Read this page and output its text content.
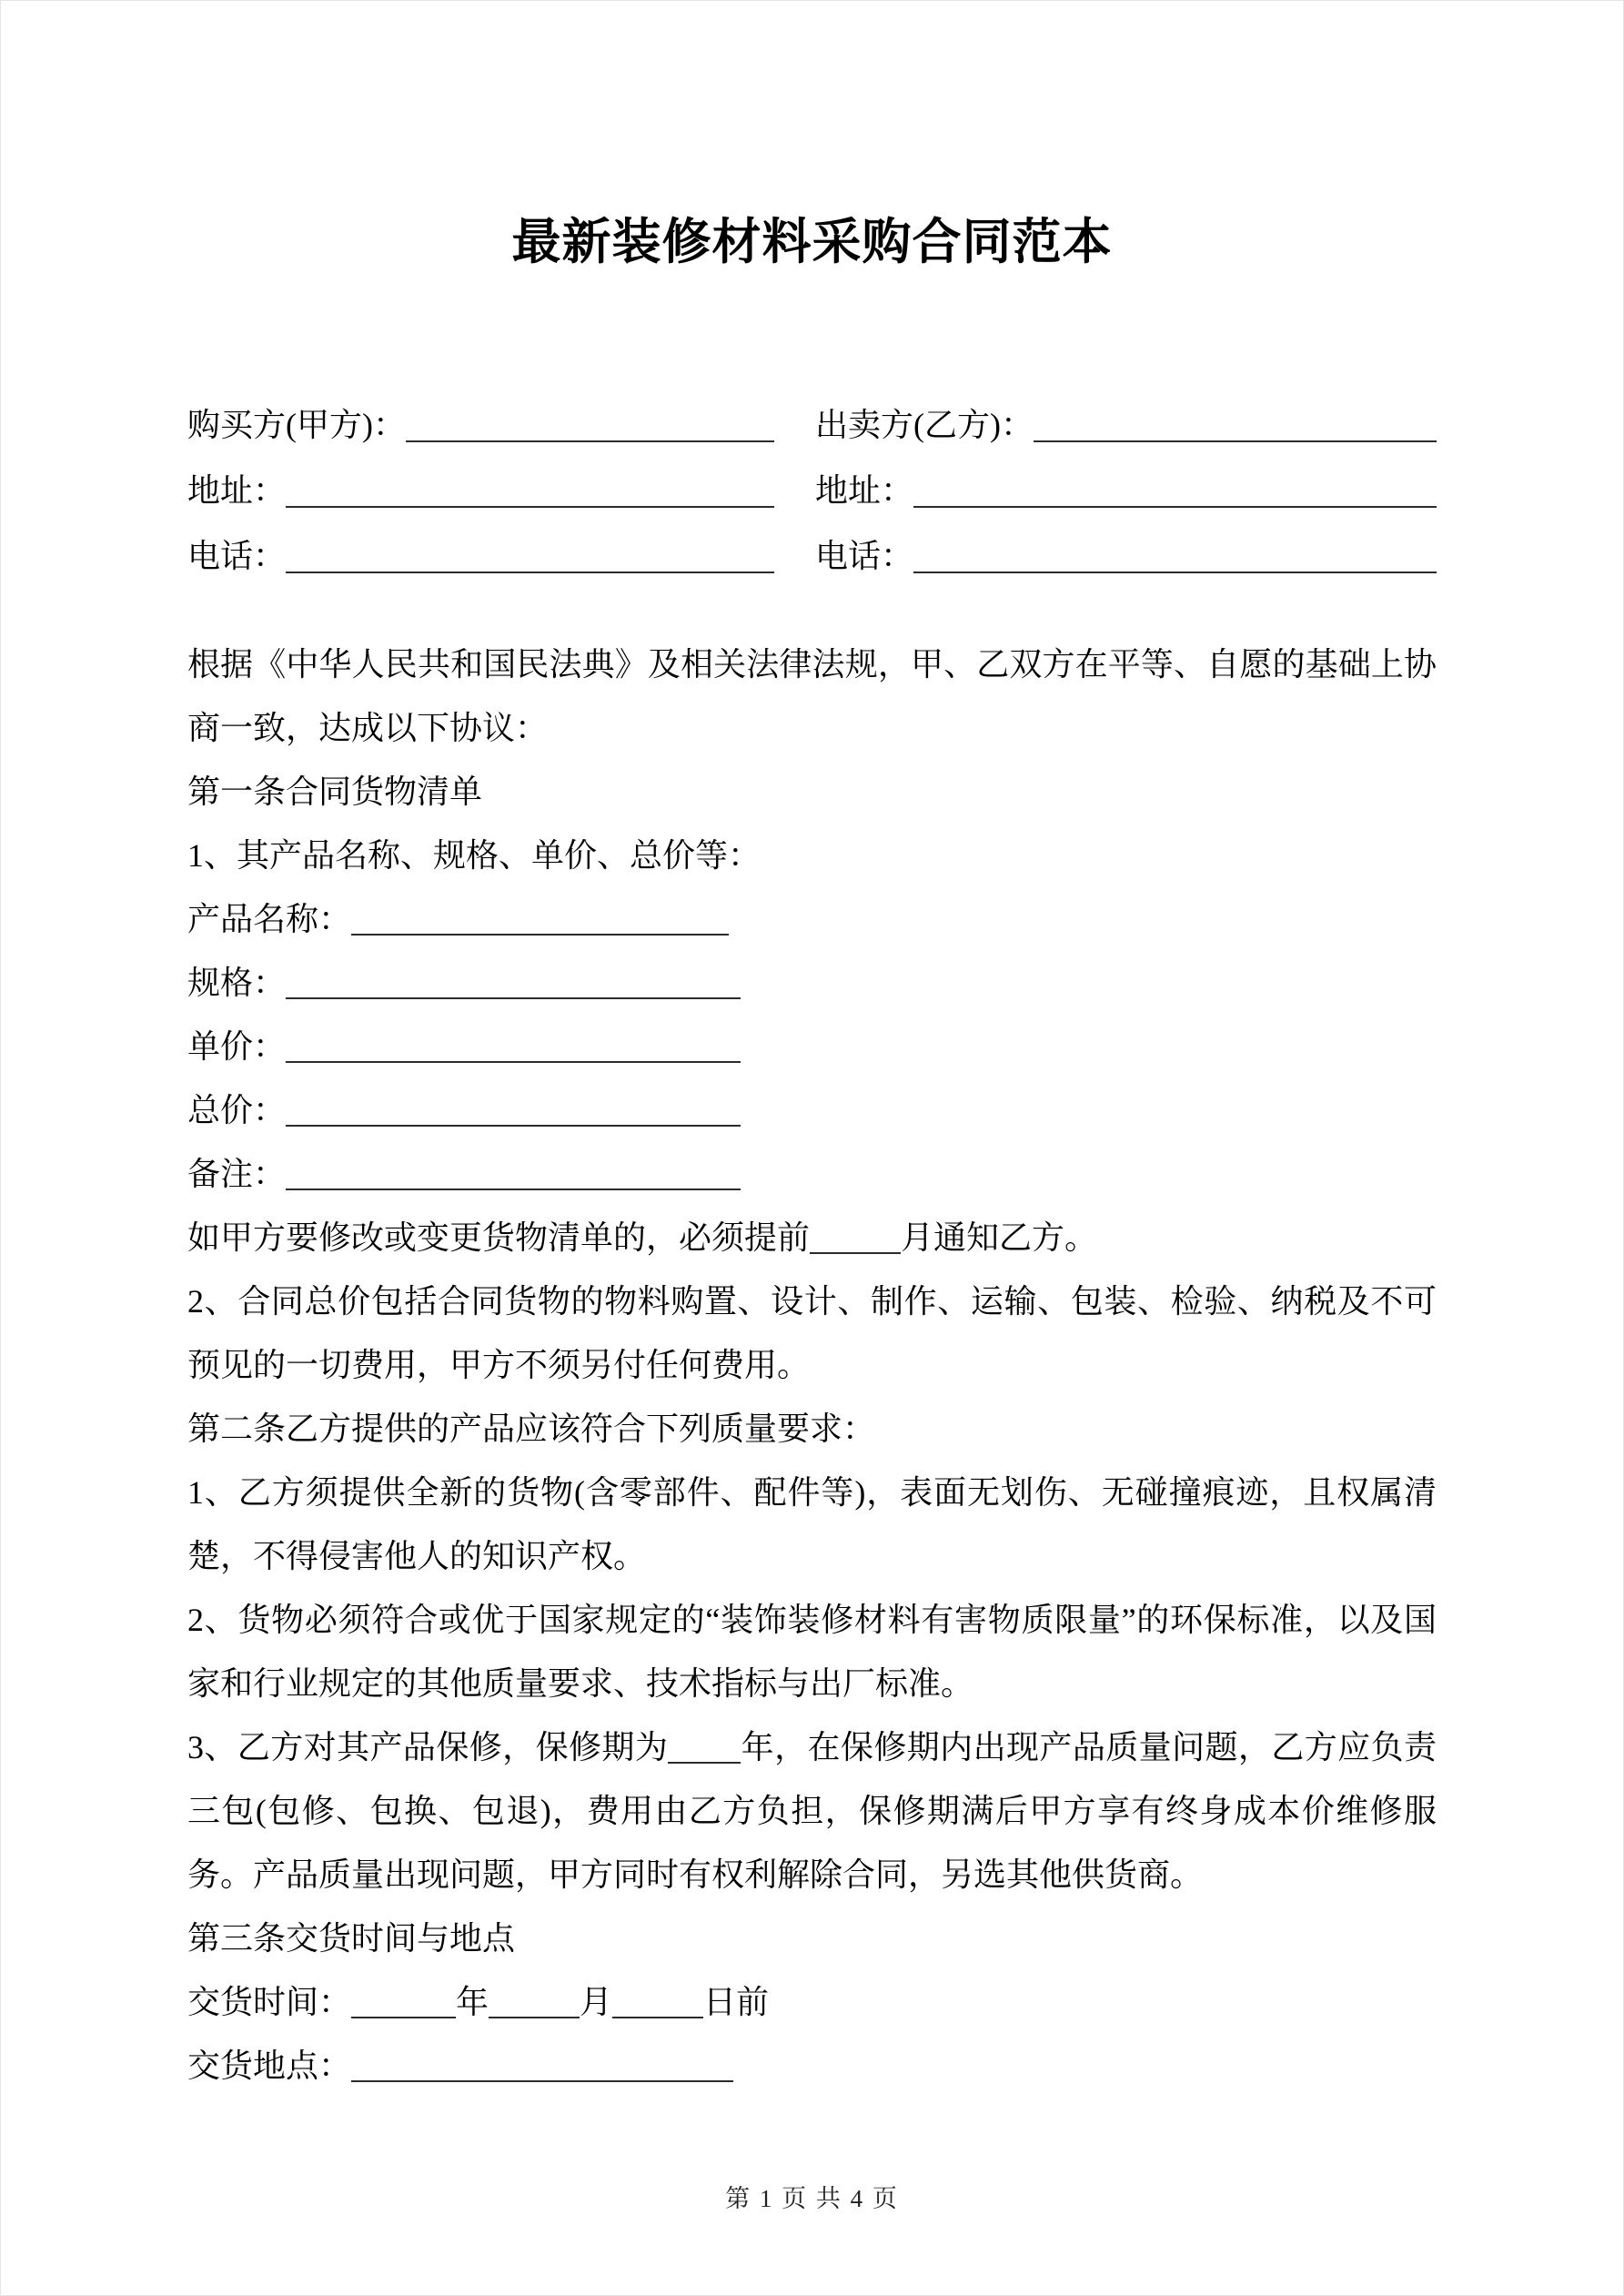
最新装修材料采购合同范本
购买方(甲方)：	出卖方(乙方)：
地址：	地址：
电话：	电话：

根据《中华人民共和国民法典》及相关法律法规，甲、乙双方在平等、自愿的基础上协商一致，达成以下协议：

第一条合同货物清单

1、其产品名称、规格、单价、总价等：

产品名称：

规格：

单价：

总价：

备注：

如甲方要修改或变更货物清单的，必须提前	月通知乙方。

2、合同总价包括合同货物的物料购置、设计、制作、运输、包装、检验、纳税及不可预见的一切费用，甲方不须另付任何费用。

第二条乙方提供的产品应该符合下列质量要求：

1、乙方须提供全新的货物(含零部件、配件等)，表面无划伤、无碰撞痕迹，且权属清楚，不得侵害他人的知识产权。

2、货物必须符合或优于国家规定的“装饰装修材料有害物质限量”的环保标准，以及国家和行业规定的其他质量要求、技术指标与出厂标准。

3、乙方对其产品保修，保修期为 年，在保修期内出现产品质量问题，乙方应负责三包(包修、包换、包退)，费用由乙方负担，保修期满后甲方享有终身成本价维修服务。产品质量出现问题，甲方同时有权利解除合同，另选其他供货商。

第三条交货时间与地点

交货时间：	年	月	日前

交货地点：

第 1 页 共 4 页
